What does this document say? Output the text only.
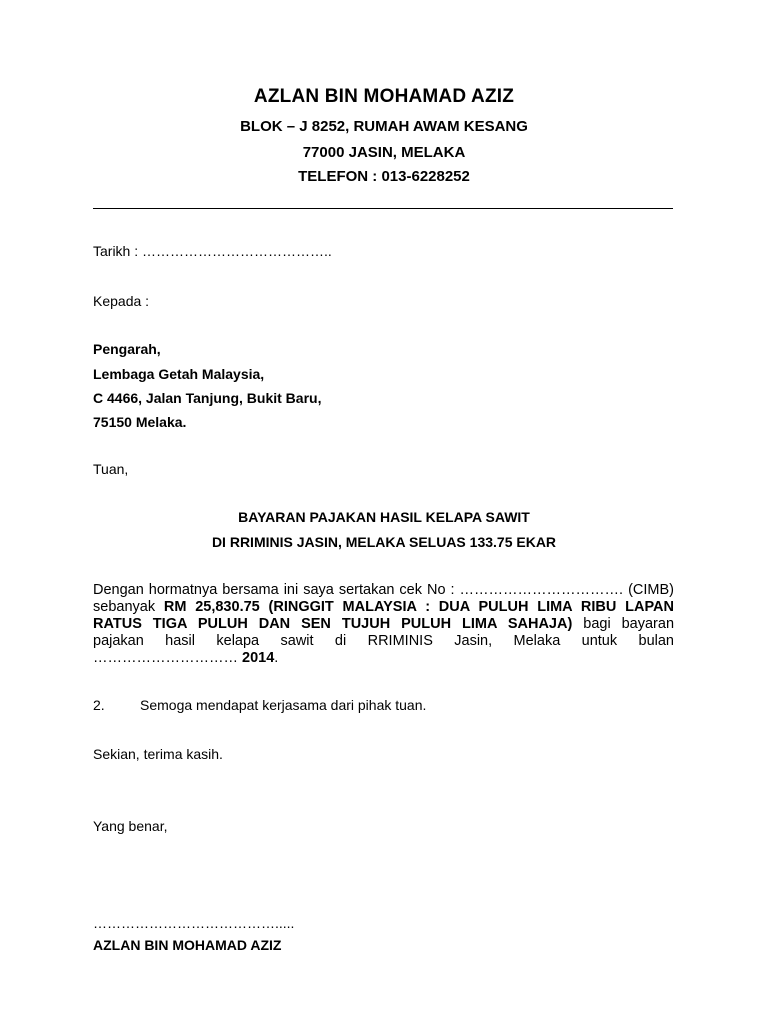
AZLAN BIN MOHAMAD AZIZ
BLOK – J 8252, RUMAH AWAM KESANG
77000 JASIN, MELAKA
TELEFON : 013-6228252
Tarikh : …………………………………..
Kepada :
Pengarah,
Lembaga Getah Malaysia,
C 4466, Jalan Tanjung, Bukit Baru,
75150 Melaka.
Tuan,
BAYARAN PAJAKAN HASIL KELAPA SAWIT
DI RRIMINIS JASIN, MELAKA SELUAS 133.75 EKAR
Dengan hormatnya bersama ini saya sertakan cek No : ……………………………. (CIMB)
sebanyak RM 25,830.75 (RINGGIT MALAYSIA : DUA PULUH LIMA RIBU LAPAN
RATUS TIGA PULUH DAN SEN TUJUH PULUH LIMA SAHAJA) bagi bayaran
pajakan hasil kelapa sawit di RRIMINIS Jasin, Melaka untuk bulan
………………………… 2014.
2.	Semoga mendapat kerjasama dari pihak tuan.
Sekian, terima kasih.
Yang benar,
………………………………….....
AZLAN BIN MOHAMAD AZIZ
